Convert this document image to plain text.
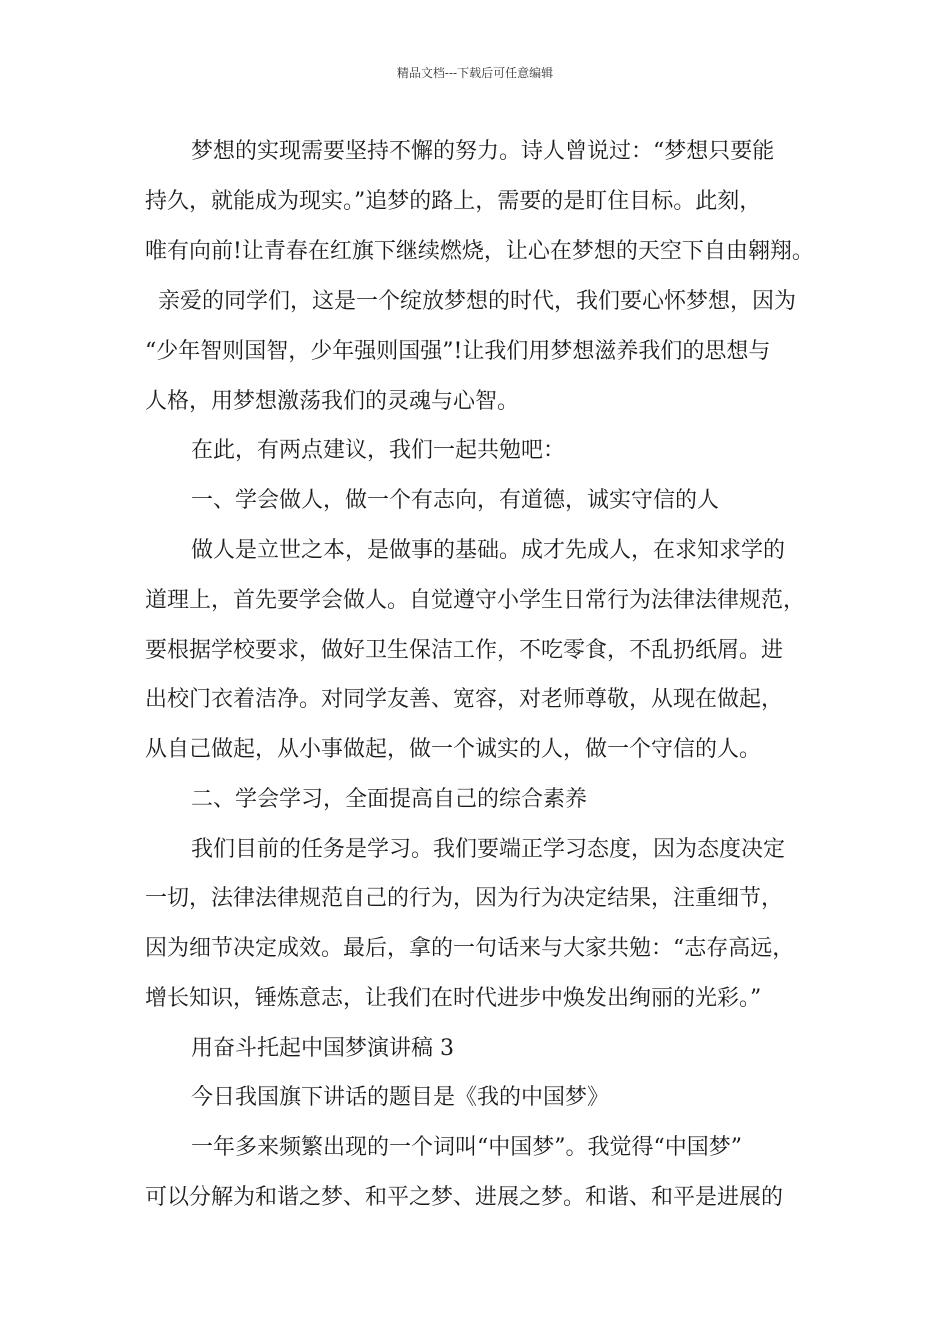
精品文档---下载后可任意编辑
梦想的实现需要坚持不懈的努力。诗人曾说过：“梦想只要能
持久，就能成为现实。”追梦的路上，需要的是盯住目标。此刻，
唯有向前!让青春在红旗下继续燃烧，让心在梦想的天空下自由翱翔。
亲爱的同学们，这是一个绽放梦想的时代，我们要心怀梦想，因为
“少年智则国智，少年强则国强”!让我们用梦想滋养我们的思想与
人格，用梦想激荡我们的灵魂与心智。
在此，有两点建议，我们一起共勉吧：
一、学会做人，做一个有志向，有道德，诚实守信的人
做人是立世之本，是做事的基础。成才先成人，在求知求学的
道理上，首先要学会做人。自觉遵守小学生日常行为法律法律规范，
要根据学校要求，做好卫生保洁工作，不吃零食，不乱扔纸屑。进
出校门衣着洁净。对同学友善、宽容，对老师尊敬，从现在做起，
从自己做起，从小事做起，做一个诚实的人，做一个守信的人。
二、学会学习，全面提高自己的综合素养
我们目前的任务是学习。我们要端正学习态度，因为态度决定
一切，法律法律规范自己的行为，因为行为决定结果，注重细节，
因为细节决定成效。最后，拿的一句话来与大家共勉：“志存高远，
增长知识，锤炼意志，让我们在时代进步中焕发出绚丽的光彩。”
用奋斗托起中国梦演讲稿 3
今日我国旗下讲话的题目是《我的中国梦》
一年多来频繁出现的一个词叫“中国梦”。我觉得“中国梦”
可以分解为和谐之梦、和平之梦、进展之梦。和谐、和平是进展的
